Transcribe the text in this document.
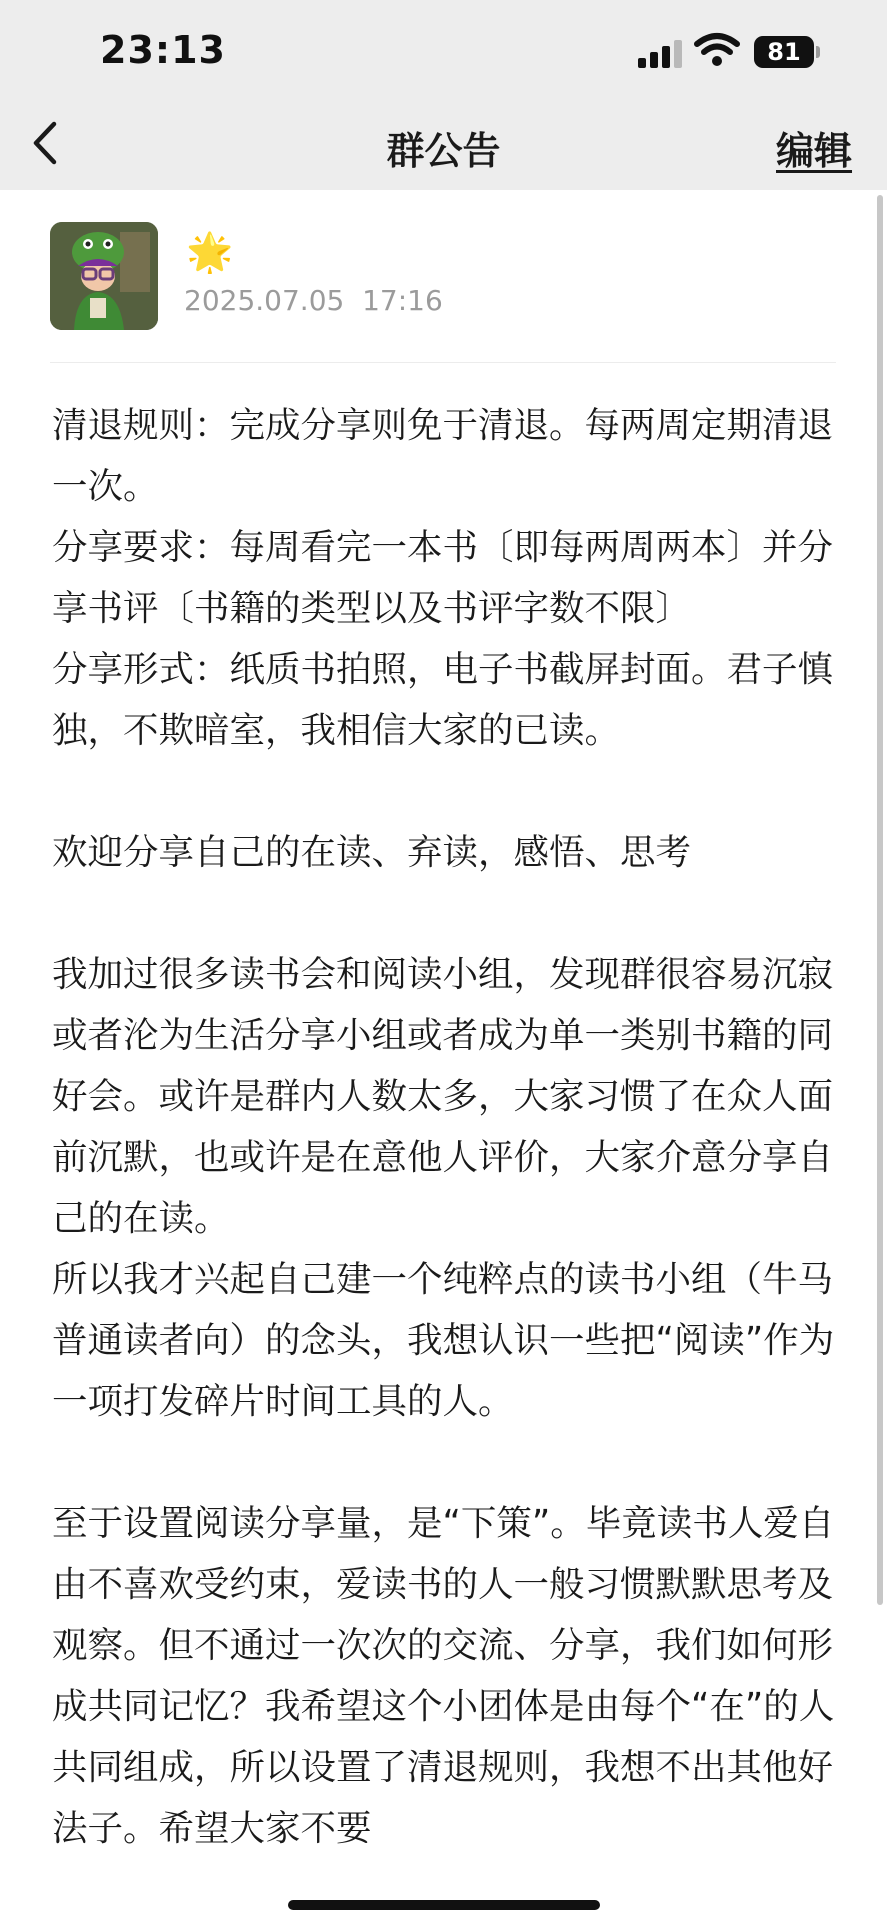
23:13	81
群公告	编辑
🌟
2025.07.05  17:16

清退规则：完成分享则免于清退。每两周定期清退一次。

分享要求：每周看完一本书〔即每两周两本〕并分享书评〔书籍的类型以及书评字数不限〕

分享形式：纸质书拍照，电子书截屏封面。君子慎独，不欺暗室，我相信大家的已读。

欢迎分享自己的在读、弃读，感悟、思考

我加过很多读书会和阅读小组，发现群很容易沉寂或者沦为生活分享小组或者成为单一类别书籍的同好会。或许是群内人数太多，大家习惯了在众人面前沉默，也或许是在意他人评价，大家介意分享自己的在读。

所以我才兴起自己建一个纯粹点的读书小组（牛马普通读者向）的念头，我想认识一些把“阅读”作为一项打发碎片时间工具的人。

至于设置阅读分享量，是“下策”。毕竟读书人爱自由不喜欢受约束，爱读书的人一般习惯默默思考及观察。但不通过一次次的交流、分享，我们如何形成共同记忆？我希望这个小团体是由每个“在”的人共同组成，所以设置了清退规则，我想不出其他好法子。希望大家不要
